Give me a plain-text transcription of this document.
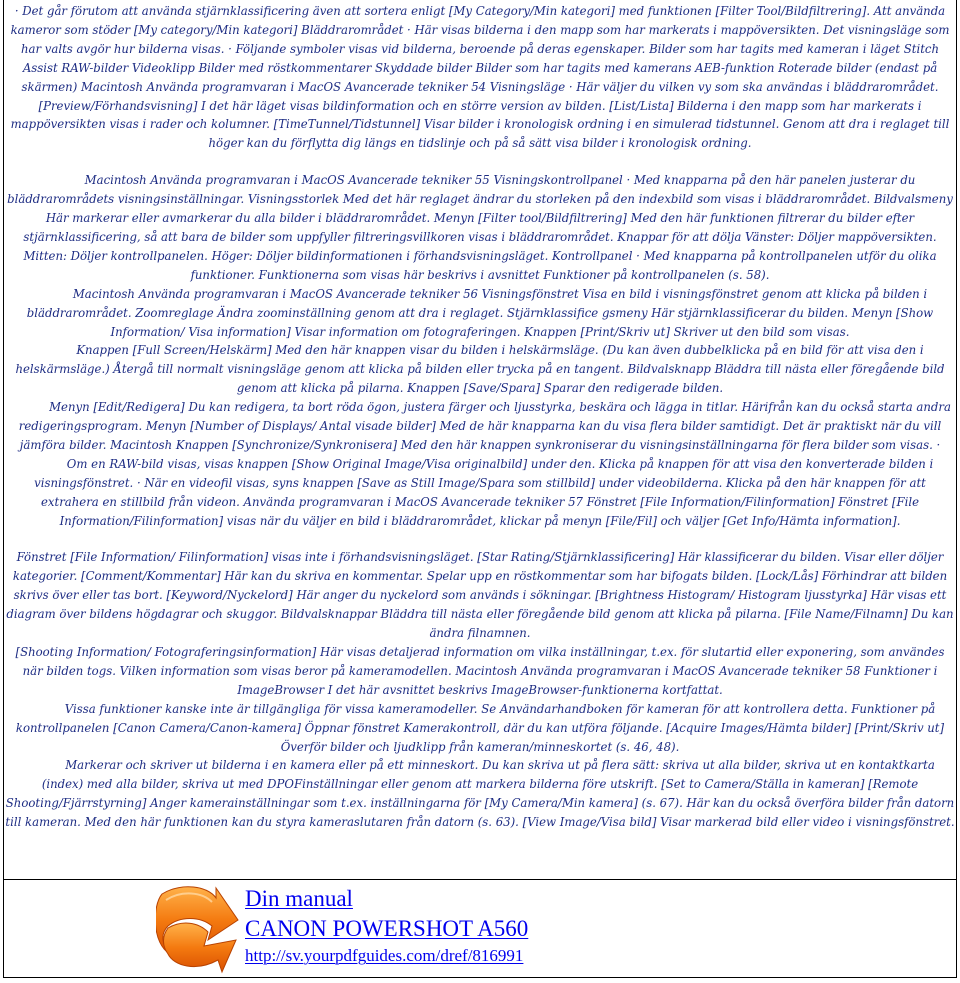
· Det går förutom att använda stjärnklassificering även att sortera enligt [My Category/Min kategori] med funktionen [Filter Tool/Bildfiltrering]. Att använda kameror som stöder [My category/Min kategori] Bläddrarområdet · Här visas bilderna i den mapp som har markerats i mappöversikten. Det visningsläge som har valts avgör hur bilderna visas. · Följande symboler visas vid bilderna, beroende på deras egenskaper. Bilder som har tagits med kameran i läget Stitch Assist RAW-bilder Videoklipp Bilder med röstkommentarer Skyddade bilder Bilder som har tagits med kamerans AEB-funktion Roterade bilder (endast på skärmen) Macintosh Använda programvaran i MacOS Avancerade tekniker 54 Visningsläge · Här väljer du vilken vy som ska användas i bläddrarområdet. [Preview/Förhandsvisning] I det här läget visas bildinformation och en större version av bilden. [List/Lista] Bilderna i den mapp som har markerats i mappöversikten visas i rader och kolumner. [TimeTunnel/Tidstunnel] Visar bilder i kronologisk ordning i en simulerad tidstunnel. Genom att dra i reglaget till höger kan du förflytta dig längs en tidslinje och på så sätt visa bilder i kronologisk ordning.

Macintosh Använda programvaran i MacOS Avancerade tekniker 55 Visningskontrollpanel · Med knapparna på den här panelen justerar du bläddrarområdets visningsinställningar. Visningsstorlek Med det här reglaget ändrar du storleken på den indexbild som visas i bläddrarområdet. Bildvalsmeny Här markerar eller avmarkerar du alla bilder i bläddrarområdet. Menyn [Filter tool/Bildfiltrering] Med den här funktionen filtrerar du bilder efter stjärnklassificering, så att bara de bilder som uppfyller filtreringsvillkoren visas i bläddrarområdet. Knappar för att dölja Vänster: Döljer mappöversikten. Mitten: Döljer kontrollpanelen. Höger: Döljer bildinformationen i förhandsvisningsläget. Kontrollpanel · Med knapparna på kontrollpanelen utför du olika funktioner. Funktionerna som visas här beskrivs i avsnittet Funktioner på kontrollpanelen (s. 58).

Macintosh Använda programvaran i MacOS Avancerade tekniker 56 Visningsfönstret Visa en bild i visningsfönstret genom att klicka på bilden i bläddrarområdet. Zoomreglage Ändra zoominställning genom att dra i reglaget. Stjärnklassifice gsmeny Här stjärnklassificerar du bilden. Menyn [Show Information/ Visa information] Visar information om fotograferingen. Knappen [Print/Skriv ut] Skriver ut den bild som visas.

Knappen [Full Screen/Helskärm] Med den här knappen visar du bilden i helskärmsläge. (Du kan även dubbelklicka på en bild för att visa den i helskärmsläge.) Återgå till normalt visningsläge genom att klicka på bilden eller trycka på en tangent. Bildvalsknapp Bläddra till nästa eller föregående bild genom att klicka på pilarna. Knappen [Save/Spara] Sparar den redigerade bilden.

Menyn [Edit/Redigera] Du kan redigera, ta bort röda ögon, justera färger och ljusstyrka, beskära och lägga in titlar. Härifrån kan du också starta andra redigeringsprogram. Menyn [Number of Displays/ Antal visade bilder] Med de här knapparna kan du visa flera bilder samtidigt. Det är praktiskt när du vill jämföra bilder. Macintosh Knappen [Synchronize/Synkronisera] Med den här knappen synkroniserar du visningsinställningarna för flera bilder som visas. ·

Om en RAW-bild visas, visas knappen [Show Original Image/Visa originalbild] under den. Klicka på knappen för att visa den konverterade bilden i visningsfönstret. · När en videofil visas, syns knappen [Save as Still Image/Spara som stillbild] under videobilderna. Klicka på den här knappen för att extrahera en stillbild från videon. Använda programvaran i MacOS Avancerade tekniker 57 Fönstret [File Information/Filinformation] Fönstret [File Information/Filinformation] visas när du väljer en bild i bläddrarområdet, klickar på menyn [File/Fil] och väljer [Get Info/Hämta information].

Fönstret [File Information/ Filinformation] visas inte i förhandsvisningsläget. [Star Rating/Stjärnklassificering] Här klassificerar du bilden. Visar eller döljer kategorier. [Comment/Kommentar] Här kan du skriva en kommentar. Spelar upp en röstkommentar som har bifogats bilden. [Lock/Lås] Förhindrar att bilden skrivs över eller tas bort. [Keyword/Nyckelord] Här anger du nyckelord som används i sökningar. [Brightness Histogram/ Histogram ljusstyrka] Här visas ett diagram över bildens högdagrar och skuggor. Bildvalsknappar Bläddra till nästa eller föregående bild genom att klicka på pilarna. [File Name/Filnamn] Du kan ändra filnamnen.

[Shooting Information/ Fotograferingsinformation] Här visas detaljerad information om vilka inställningar, t.ex. för slutartid eller exponering, som användes när bilden togs. Vilken information som visas beror på kameramodellen. Macintosh Använda programvaran i MacOS Avancerade tekniker 58 Funktioner i ImageBrowser I det här avsnittet beskrivs ImageBrowser-funktionerna kortfattat.

Vissa funktioner kanske inte är tillgängliga för vissa kameramodeller. Se Användarhandboken för kameran för att kontrollera detta. Funktioner på kontrollpanelen [Canon Camera/Canon-kamera] Öppnar fönstret Kamerakontroll, där du kan utföra följande. [Acquire Images/Hämta bilder] [Print/Skriv ut] Överför bilder och ljudklipp från kameran/minneskortet (s. 46, 48).

Markerar och skriver ut bilderna i en kamera eller på ett minneskort. Du kan skriva ut på flera sätt: skriva ut alla bilder, skriva ut en kontaktkarta (index) med alla bilder, skriva ut med DPOFinställningar eller genom att markera bilderna före utskrift. [Set to Camera/Ställa in kameran] [Remote Shooting/Fjärrstyrning] Anger kamerainställningar som t.ex. inställningarna för [My Camera/Min kamera] (s. 67). Här kan du också överföra bilder från datorn till kameran. Med den här funktionen kan du styra kameraslutaren från datorn (s. 63). [View Image/Visa bild] Visar markerad bild eller video i visningsfönstret.

Din manual
CANON POWERSHOT A560
http://sv.yourpdfguides.com/dref/816991
